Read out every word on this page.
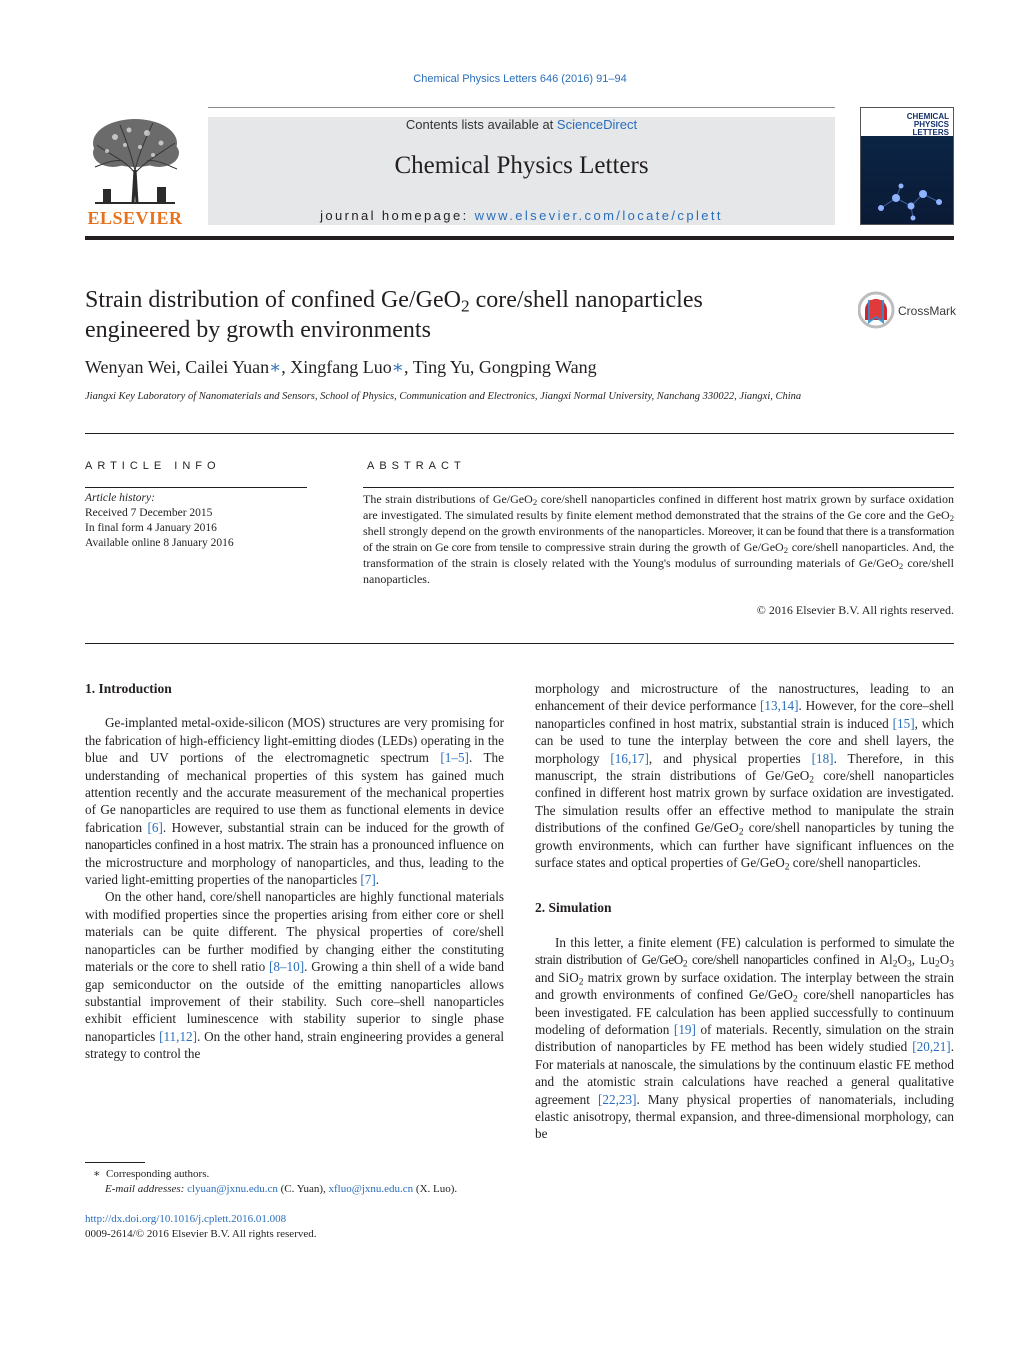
Chemical Physics Letters 646 (2016) 91–94
ELSEVIER
Contents lists available at ScienceDirect
Chemical Physics Letters
journal homepage: www.elsevier.com/locate/cplett
CHEMICAL PHYSICS LETTERS
Strain distribution of confined Ge/GeO$_2$ core/shell nanoparticles
engineered by growth environments
CrossMark
Wenyan Wei, Cailei Yuan∗, Xingfang Luo∗, Ting Yu, Gongping Wang
Jiangxi Key Laboratory of Nanomaterials and Sensors, School of Physics, Communication and Electronics, Jiangxi Normal University, Nanchang 330022, Jiangxi, China
ARTICLE INFO
Article history:
Received 7 December 2015
In final form 4 January 2016
Available online 8 January 2016
ABSTRACT
The strain distributions of Ge/GeO$_2$ core/shell nanoparticles confined in different host matrix grown by surface oxidation are investigated. The simulated results by finite element method demonstrated that the strains of the Ge core and the GeO$_2$ shell strongly depend on the growth environments of the nanoparticles. Moreover, it can be found that there is a transformation of the strain on Ge core from tensile to compressive strain during the growth of Ge/GeO$_2$ core/shell nanoparticles. And, the transformation of the strain is closely related with the Young's modulus of surrounding materials of Ge/GeO$_2$ core/shell nanoparticles.
© 2016 Elsevier B.V. All rights reserved.
1. Introduction

Ge-implanted metal-oxide-silicon (MOS) structures are very promising for the fabrication of high-efficiency light-emitting diodes (LEDs) operating in the blue and UV portions of the electromagnetic spectrum [1–5]. The understanding of mechanical properties of this system has gained much attention recently and the accurate measurement of the mechanical properties of Ge nanoparticles are required to use them as functional elements in device fabrication [6]. However, substantial strain can be induced for the growth of nanoparticles confined in a host matrix. The strain has a pronounced influence on the microstructure and morphology of nanoparticles, and thus, leading to the varied light-emitting properties of the nanoparticles [7].

On the other hand, core/shell nanoparticles are highly functional materials with modified properties since the properties arising from either core or shell materials can be quite different. The physical properties of core/shell nanoparticles can be further modified by changing either the constituting materials or the core to shell ratio [8–10]. Growing a thin shell of a wide band gap semiconductor on the outside of the emitting nanoparticles allows substantial improvement of their stability. Such core–shell nanoparticles exhibit efficient luminescence with stability superior to single phase nanoparticles [11,12]. On the other hand, strain engineering provides a general strategy to control the

morphology and microstructure of the nanostructures, leading to an enhancement of their device performance [13,14]. However, for the core–shell nanoparticles confined in host matrix, substantial strain is induced [15], which can be used to tune the interplay between the core and shell layers, the morphology [16,17], and physical properties [18]. Therefore, in this manuscript, the strain distributions of Ge/GeO$_2$ core/shell nanoparticles confined in different host matrix grown by surface oxidation are investigated. The simulation results offer an effective method to manipulate the strain distributions of the confined Ge/GeO$_2$ core/shell nanoparticles by tuning the growth environments, which can further have significant influences on the surface states and optical properties of Ge/GeO$_2$ core/shell nanoparticles.

2. Simulation

In this letter, a finite element (FE) calculation is performed to simulate the strain distribution of Ge/GeO$_2$ core/shell nanoparticles confined in $Al_2O_3$, $Lu_2O_3$ and SiO$_2$ matrix grown by surface oxidation. The interplay between the strain and growth environments of confined Ge/GeO$_2$ core/shell nanoparticles has been investigated. FE calculation has been applied successfully to continuum modeling of deformation [19] of materials. Recently, simulation on the strain distribution of nanoparticles by FE method has been widely studied [20,21]. For materials at nanoscale, the simulations by the continuum elastic FE method and the atomistic strain calculations have reached a general qualitative agreement [22,23]. Many physical properties of nanomaterials, including elastic anisotropy, thermal expansion, and three-dimensional morphology, can be

∗ Corresponding authors.
E-mail addresses: clyuan@jxnu.edu.cn (C. Yuan), xfluo@jxnu.edu.cn (X. Luo).
http://dx.doi.org/10.1016/j.cplett.2016.01.008
0009-2614/© 2016 Elsevier B.V. All rights reserved.
